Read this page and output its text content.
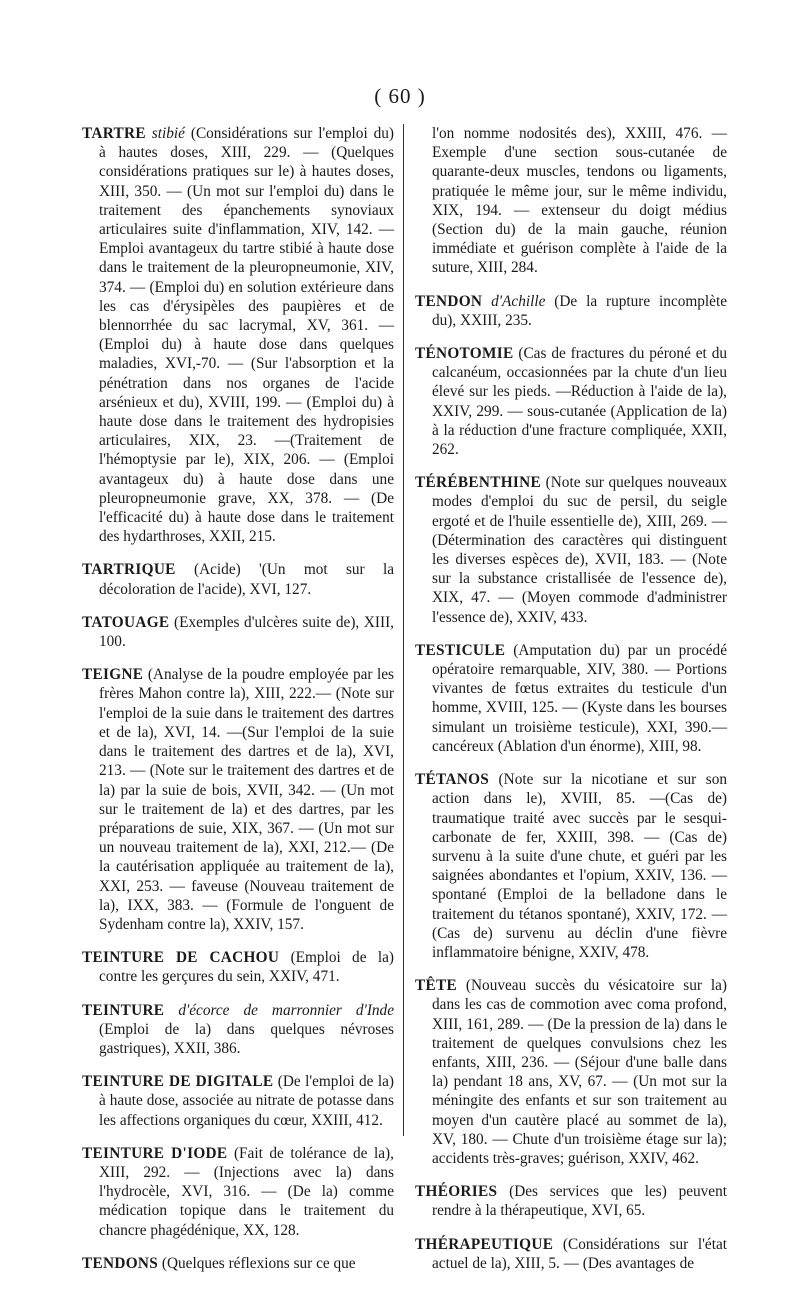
( 60 )
TARTRE stibié (Considérations sur l'emploi du) à hautes doses, XIII, 229. — (Quelques considérations pratiques sur le) à hautes doses, XIII, 350. — (Un mot sur l'emploi du) dans le traitement des épanchements synoviaux articulaires suite d'inflammation, XIV, 142. — Emploi avantageux du tartre stibié à haute dose dans le traitement de la pleuropneumonie, XIV, 374. — (Emploi du) en solution extérieure dans les cas d'érysipèles des paupières et de blennorrhée du sac lacrymal, XV, 361. — (Emploi du) à haute dose dans quelques maladies, XVI,-70. — (Sur l'absorption et la pénétration dans nos organes de l'acide arsénieux et du), XVIII, 199. — (Emploi du) à haute dose dans le traitement des hydropisies articulaires, XIX, 23. —(Traitement de l'hémoptysie par le), XIX, 206. — (Emploi avantageux du) à haute dose dans une pleuropneumonie grave, XX, 378. — (De l'efficacité du) à haute dose dans le traitement des hydarthroses, XXII, 215.
TARTRIQUE (Acide) '(Un mot sur la décoloration de l'acide), XVI, 127.
TATOUAGE (Exemples d'ulcères suite de), XIII, 100.
TEIGNE (Analyse de la poudre employée par les frères Mahon contre la), XIII, 222.— (Note sur l'emploi de la suie dans le traitement des dartres et de la), XVI, 14. —(Sur l'emploi de la suie dans le traitement des dartres et de la), XVI, 213. — (Note sur le traitement des dartres et de la) par la suie de bois, XVII, 342. — (Un mot sur le traitement de la) et des dartres, par les préparations de suie, XIX, 367. — (Un mot sur un nouveau traitement de la), XXI, 212.— (De la cautérisation appliquée au traitement de la), XXI, 253. — faveuse (Nouveau traitement de la), IXX, 383. — (Formule de l'onguent de Sydenham contre la), XXIV, 157.
TEINTURE DE CACHOU (Emploi de la) contre les gerçures du sein, XXIV, 471.
TEINTURE d'écorce de marronnier d'Inde (Emploi de la) dans quelques névroses gastriques), XXII, 386.
TEINTURE DE DIGITALE (De l'emploi de la) à haute dose, associée au nitrate de potasse dans les affections organiques du cœur, XXIII, 412.
TEINTURE D'IODE (Fait de tolérance de la), XIII, 292. — (Injections avec la) dans l'hydrocèle, XVI, 316. — (De la) comme médication topique dans le traitement du chancre phagédénique, XX, 128.
TENDONS (Quelques réflexions sur ce que
l'on nomme nodosités des), XXIII, 476. — Exemple d'une section sous-cutanée de quarante-deux muscles, tendons ou ligaments, pratiquée le même jour, sur le même individu, XIX, 194. — extenseur du doigt médius (Section du) de la main gauche, réunion immédiate et guérison complète à l'aide de la suture, XIII, 284.
TENDON d'Achille (De la rupture incomplète du), XXIII, 235.
TÉNOTOMIE (Cas de fractures du péroné et du calcanéum, occasionnées par la chute d'un lieu élevé sur les pieds. —Réduction à l'aide de la), XXIV, 299. — sous-cutanée (Application de la) à la réduction d'une fracture compliquée, XXII, 262.
TÉRÉBENTHINE (Note sur quelques nouveaux modes d'emploi du suc de persil, du seigle ergoté et de l'huile essentielle de), XIII, 269. — (Détermination des caractères qui distinguent les diverses espèces de), XVII, 183. — (Note sur la substance cristallisée de l'essence de), XIX, 47. — (Moyen commode d'administrer l'essence de), XXIV, 433.
TESTICULE (Amputation du) par un procédé opératoire remarquable, XIV, 380. — Portions vivantes de fœtus extraites du testicule d'un homme, XVIII, 125. — (Kyste dans les bourses simulant un troisième testicule), XXI, 390.—cancéreux (Ablation d'un énorme), XIII, 98.
TÉTANOS (Note sur la nicotiane et sur son action dans le), XVIII, 85. —(Cas de) traumatique traité avec succès par le sesqui-carbonate de fer, XXIII, 398. — (Cas de) survenu à la suite d'une chute, et guéri par les saignées abondantes et l'opium, XXIV, 136. — spontané (Emploi de la belladone dans le traitement du tétanos spontané), XXIV, 172. — (Cas de) survenu au déclin d'une fièvre inflammatoire bénigne, XXIV, 478.
TÊTE (Nouveau succès du vésicatoire sur la) dans les cas de commotion avec coma profond, XIII, 161, 289. — (De la pression de la) dans le traitement de quelques convulsions chez les enfants, XIII, 236. — (Séjour d'une balle dans la) pendant 18 ans, XV, 67. — (Un mot sur la méningite des enfants et sur son traitement au moyen d'un cautère placé au sommet de la), XV, 180. — Chute d'un troisième étage sur la); accidents très-graves; guérison, XXIV, 462.
THÉORIES (Des services que les) peuvent rendre à la thérapeutique, XVI, 65.
THÉRAPEUTIQUE (Considérations sur l'état actuel de la), XIII, 5. — (Des avantages de
